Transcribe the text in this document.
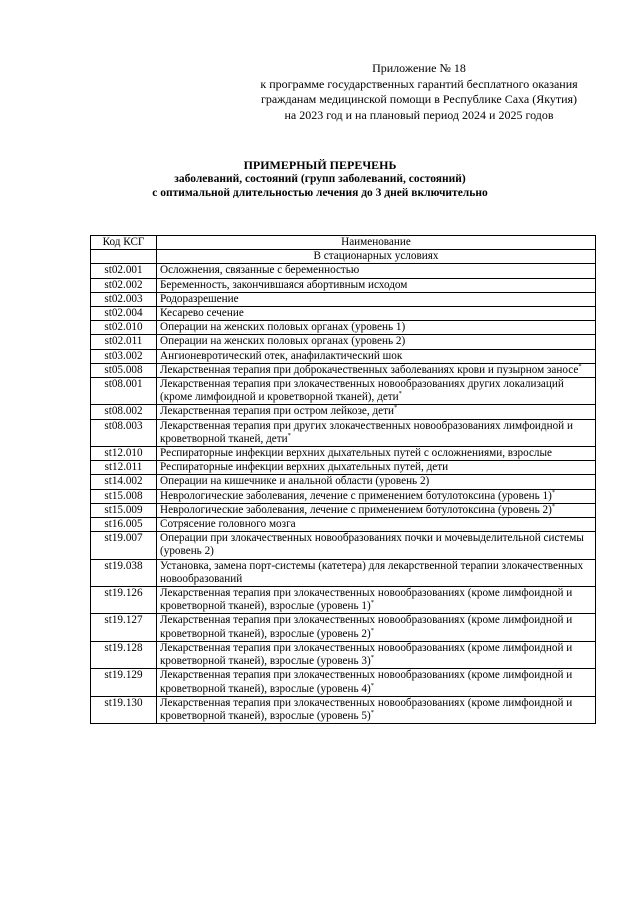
Приложение № 18
к программе государственных гарантий бесплатного оказания
гражданам медицинской помощи в Республике Саха (Якутия)
на 2023 год и на плановый период 2024 и 2025 годов
ПРИМЕРНЫЙ ПЕРЕЧЕНЬ
заболеваний, состояний (групп заболеваний, состояний)
с оптимальной длительностью лечения до 3 дней включительно
Код КСГ	Наименование
	В стационарных условиях
st02.001	Осложнения, связанные с беременностью
st02.002	Беременность, закончившаяся абортивным исходом
st02.003	Родоразрешение
st02.004	Кесарево сечение
st02.010	Операции на женских половых органах (уровень 1)
st02.011	Операции на женских половых органах (уровень 2)
st03.002	Ангионевротический отек, анафилактический шок
st05.008	Лекарственная терапия при доброкачественных заболеваниях крови и пузырном заносе*
st08.001	Лекарственная терапия при злокачественных новообразованиях других локализаций (кроме лимфоидной и кроветворной тканей), дети*
st08.002	Лекарственная терапия при остром лейкозе, дети*
st08.003	Лекарственная терапия при других злокачественных новообразованиях лимфоидной и кроветворной тканей, дети*
st12.010	Респираторные инфекции верхних дыхательных путей с осложнениями, взрослые
st12.011	Респираторные инфекции верхних дыхательных путей, дети
st14.002	Операции на кишечнике и анальной области (уровень 2)
st15.008	Неврологические заболевания, лечение с применением ботулотоксина (уровень 1)*
st15.009	Неврологические заболевания, лечение с применением ботулотоксина (уровень 2)*
st16.005	Сотрясение головного мозга
st19.007	Операции при злокачественных новообразованиях почки и мочевыделительной системы (уровень 2)
st19.038	Установка, замена порт-системы (катетера) для лекарственной терапии злокачественных новообразований
st19.126	Лекарственная терапия при злокачественных новообразованиях (кроме лимфоидной и кроветворной тканей), взрослые (уровень 1)*
st19.127	Лекарственная терапия при злокачественных новообразованиях (кроме лимфоидной и кроветворной тканей), взрослые (уровень 2)*
st19.128	Лекарственная терапия при злокачественных новообразованиях (кроме лимфоидной и кроветворной тканей), взрослые (уровень 3)*
st19.129	Лекарственная терапия при злокачественных новообразованиях (кроме лимфоидной и кроветворной тканей), взрослые (уровень 4)*
st19.130	Лекарственная терапия при злокачественных новообразованиях (кроме лимфоидной и кроветворной тканей), взрослые (уровень 5)*
